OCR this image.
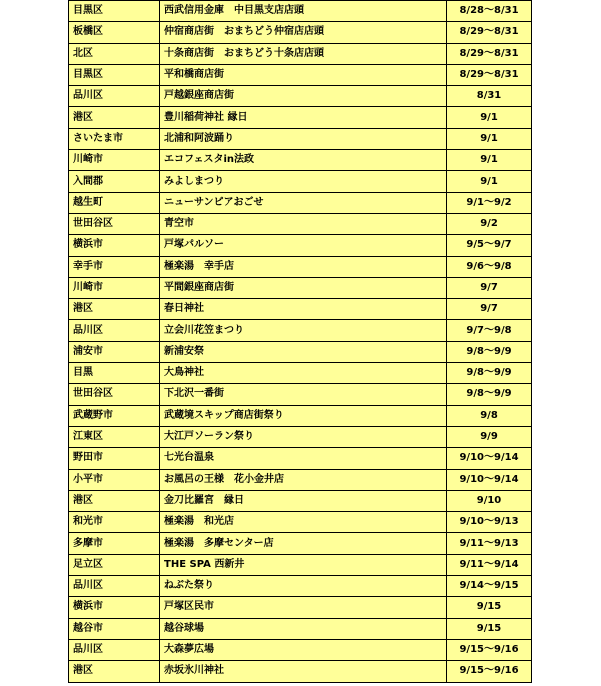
目黒区	西武信用金庫　中目黒支店店頭	8/28～8/31
板橋区	仲宿商店街　おまちどう仲宿店店頭	8/29～8/31
北区	十条商店街　おまちどう十条店店頭	8/29～8/31
目黒区	平和橋商店街	8/29～8/31
品川区	戸越銀座商店街	8/31
港区	豊川稲荷神社 縁日	9/1
さいたま市	北浦和阿波踊り	9/1
川崎市	エコフェスタin法政	9/1
入間郡	みよしまつり	9/1
越生町	ニューサンピアおごせ	9/1～9/2
世田谷区	青空市	9/2
横浜市	戸塚パルソー	9/5～9/7
幸手市	極楽湯　幸手店	9/6～9/8
川崎市	平間銀座商店街	9/7
港区	春日神社	9/7
品川区	立会川花笠まつり	9/7～9/8
浦安市	新浦安祭	9/8～9/9
目黒	大鳥神社	9/8～9/9
世田谷区	下北沢一番街	9/8～9/9
武蔵野市	武蔵境スキップ商店街祭り	9/8
江東区	大江戸ソーラン祭り	9/9
野田市	七光台温泉	9/10～9/14
小平市	お風呂の王様　花小金井店	9/10～9/14
港区	金刀比羅宮　縁日	9/10
和光市	極楽湯　和光店	9/10～9/13
多摩市	極楽湯　多摩センター店	9/11～9/13
足立区	THE SPA 西新井	9/11～9/14
品川区	ねぶた祭り	9/14～9/15
横浜市	戸塚区民市	9/15
越谷市	越谷球場	9/15
品川区	大森夢広場	9/15～9/16
港区	赤坂氷川神社	9/15～9/16
